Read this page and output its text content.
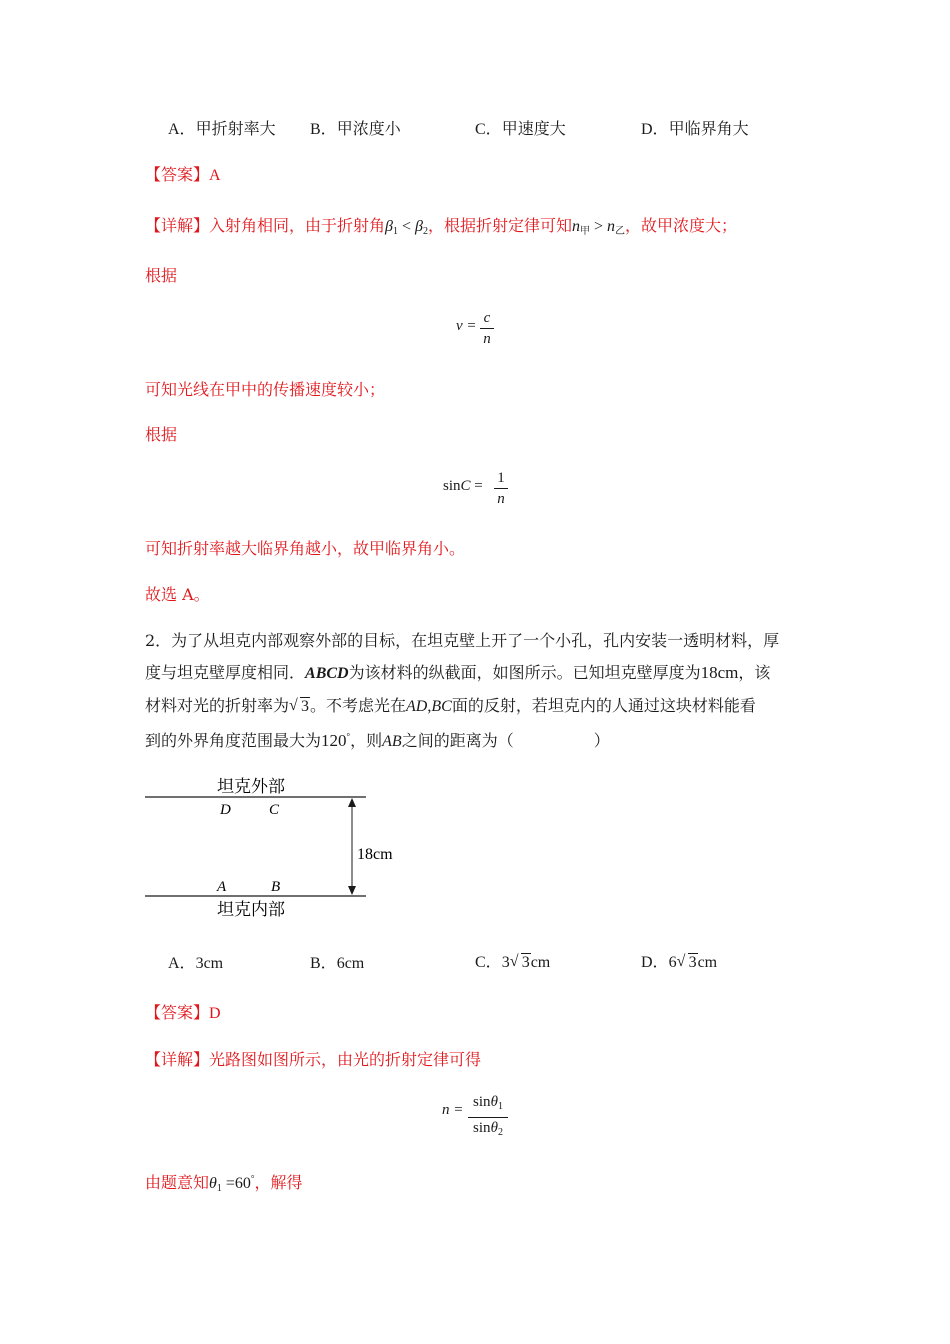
A．甲折射率大 B．甲浓度小	C．甲速度大	D．甲临界角大
【答案】A
【详解】入射角相同，由于折射角$\beta_1 < \beta_2$，根据折射定律可知$n_甲 > n_乙$，故甲浓度大；
根据
v = c
n
可知光线在甲中的传播速度较小；
根据
sinC = 1
n
可知折射率越大临界角越小，故甲临界角小。
故选 A。
2．为了从坦克内部观察外部的目标，在坦克壁上开了一个小孔，孔内安装一透明材料，厚
度与坦克壁厚度相同．ABCD为该材料的纵截面，如图所示。已知坦克壁厚度为18cm，该
材料对光的折射率为 √ 3。不考虑光在AD,BC面的反射，若坦克内的人通过这块材料能看
到的外界角度范围最大为120°，则AB之间的距离为（　　　　　）
坦克外部
D	C
18cm
A	B
坦克内部
A．3cm	B．6cm	C．3 √ 3cm	D．6 √ 3cm
【答案】D
【详解】光路图如图所示，由光的折射定律可得
n = sinθ$_1$
sinθ$_2$
由题意知$\theta_1 =60^\circ$，解得
